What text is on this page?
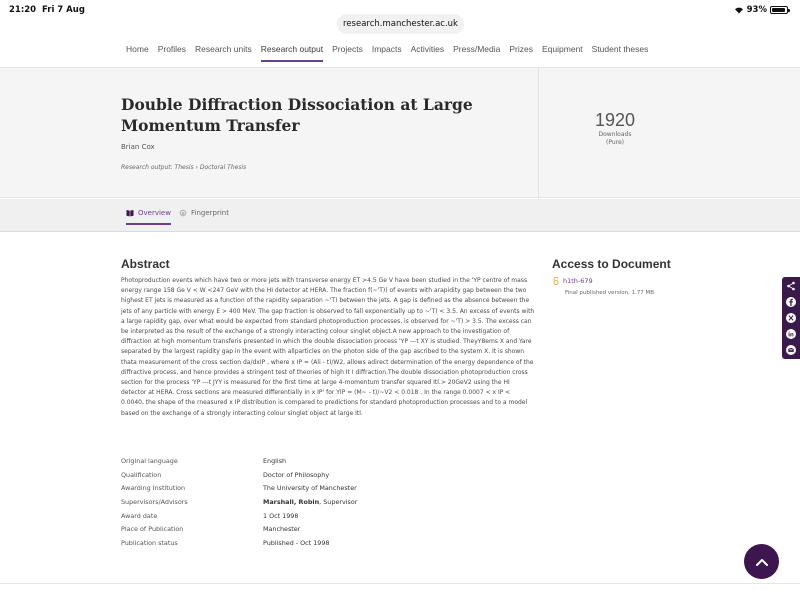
21:20 Fri 7 Aug	93%
research.manchester.ac.uk
Home Profiles Research units Research output Projects Impacts Activities Press/Media Prizes Equipment Student theses
Double Diffraction Dissociation at Large Momentum Transfer
Brian Cox
Research output: Thesis › Doctoral Thesis
1920
Downloads
(Pure)
Overview	Fingerprint
Abstract

Photoproduction events which have two or more jets with transverse energy ET >4.5 Ge V have been studied in the 'YP centre of mass energy range 158 Ge V < W <247 GeV with the HI detector at HERA. The fraction f(~'T)) of events with arapidity gap between the two highest ET jets is measured as a function of the rapidity separation ~'T) between the jets. A gap is defined as the absence between the jets of any particle with energy E > 400 MeV. The gap fraction is observed to fall exponentially up to ~'T) < 3.5. An excess of events with a large rapidity gap, over what would be expected from standard photoproduction processes, is observed for ~'T) > 3.5. The excess can be interpreted as the result of the exchange of a strongly interacting colour singlet object.A new approach to the investigation of diffraction at high momentum transferis presented in which the double dissociation process 'YP ---t XY is studied. TheyY8ems X and Yare separated by the largest rapidity gap in the event with allparticles on the photon side of the gap ascribed to the system X. It is shown thata measurement of the cross section da/dxIP , where x IP = (Ali - t)/W2, allows adirect determination of the energy dependence of the diffractive process, and hence provides a stringent test of theories of high It I diffraction.The double dissociation photoproduction cross section for the process 'YP ---t JYY is measured for the first time at large 4-momentum transfer squared Itl.> 20GeV2 using the HI detector at HERA. Cross sections are measured differentially in x IP' for YIP = (M~ - t)/~V2 < 0.018 . In the range 0.0007 < x IP < 0.0040, the shape of the rneasured x IP distribution is compared to predictions for standard photoproduction processes and to a model based on the exchange of a strongly interacting colour singlet object at large Itl.

Original language	English
Qualification	Doctor of Philosophy
Awarding Institution	The University of Manchester
Supervisors/Advisors	Marshall, Robin, Supervisor
Award date	1 Oct 1998
Place of Publication	Manchester
Publication status	Published - Oct 1998
Access to Document
h1th-679
Final published version, 1.77 MB
